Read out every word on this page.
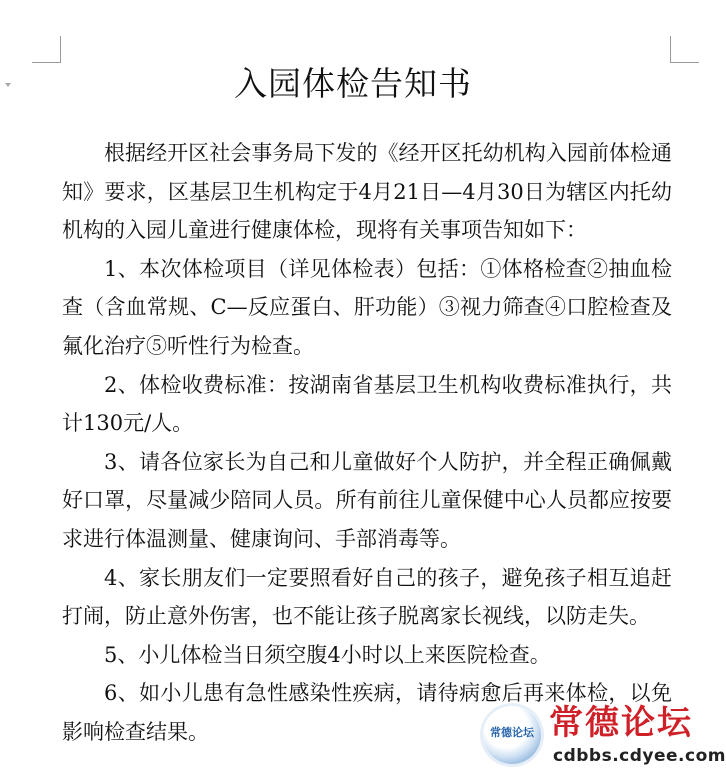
入园体检告知书

根据经开区社会事务局下发的《经开区托幼机构入园前体检通知》要求，区基层卫生机构定于4月21日—4月30日为辖区内托幼机构的入园儿童进行健康体检，现将有关事项告知如下：

1、本次体检项目（详见体检表）包括：①体格检查②抽血检查（含血常规、C—反应蛋白、肝功能）③视力筛查④口腔检查及氟化治疗⑤听性行为检查。

2、体检收费标准：按湖南省基层卫生机构收费标准执行，共计130元/人。

3、请各位家长为自己和儿童做好个人防护，并全程正确佩戴好口罩，尽量减少陪同人员。所有前往儿童保健中心人员都应按要求进行体温测量、健康询问、手部消毒等。

4、家长朋友们一定要照看好自己的孩子，避免孩子相互追赶打闹，防止意外伤害，也不能让孩子脱离家长视线，以防走失。

5、小儿体检当日须空腹4小时以上来医院检查。

6、如小儿患有急性感染性疾病，请待病愈后再来体检，以免影响检查结果。	常德论坛 常德论坛
cdbbs.cdyee.com
